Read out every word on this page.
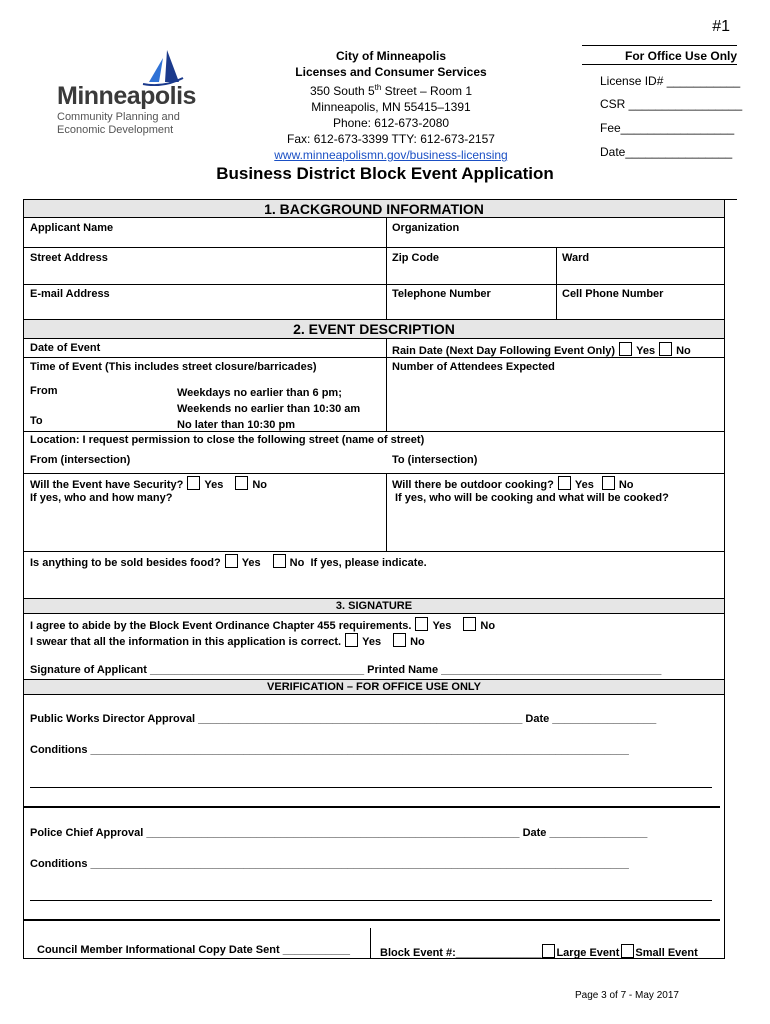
#1
Minneapolis
Community Planning and
Economic Development
City of Minneapolis
Licenses and Consumer Services
350 South 5th Street – Room 1
Minneapolis, MN 55415–1391
Phone: 612-673-2080
Fax: 612-673-3399 TTY: 612-673-2157
www.minneapolismn.gov/business-licensing
For Office Use Only
License ID# ___________
CSR _________________
Fee_________________
Date________________
Business District Block Event Application
1. BACKGROUND INFORMATION
Applicant Name	Organization
Street Address	Zip Code	Ward
E-mail Address	Telephone Number	Cell Phone Number
2. EVENT DESCRIPTION
Date of Event	Rain Date (Next Day Following Event Only) Yes No
Time of Event (This includes street closure/barricades)	Number of Attendees Expected
From
To
Weekdays no earlier than 6 pm;
Weekends no earlier than 10:30 am
No later than 10:30 pm
Location: I request permission to close the following street (name of street)
From (intersection)	To (intersection)
Will the Event have Security? Yes	No
If yes, who and how many?
Will there be outdoor cooking? Yes No
If yes, who will be cooking and what will be cooked?
Is anything to be sold besides food? Yes	No If yes, please indicate.
3. SIGNATURE
I agree to abide by the Block Event Ordinance Chapter 455 requirements. Yes	No
I swear that all the information in this application is correct. Yes	No
Signature of Applicant ___________________________________ Printed Name ____________________________________
VERIFICATION – FOR OFFICE USE ONLY
Public Works Director Approval _____________________________________________________ Date _________________
Conditions ________________________________________________________________________________________
Police Chief Approval _____________________________________________________________ Date ________________
Conditions ________________________________________________________________________________________
Council Member Informational Copy Date Sent ___________	Block Event #:______________ Large Event Small Event
Page 3 of 7 - May 2017
